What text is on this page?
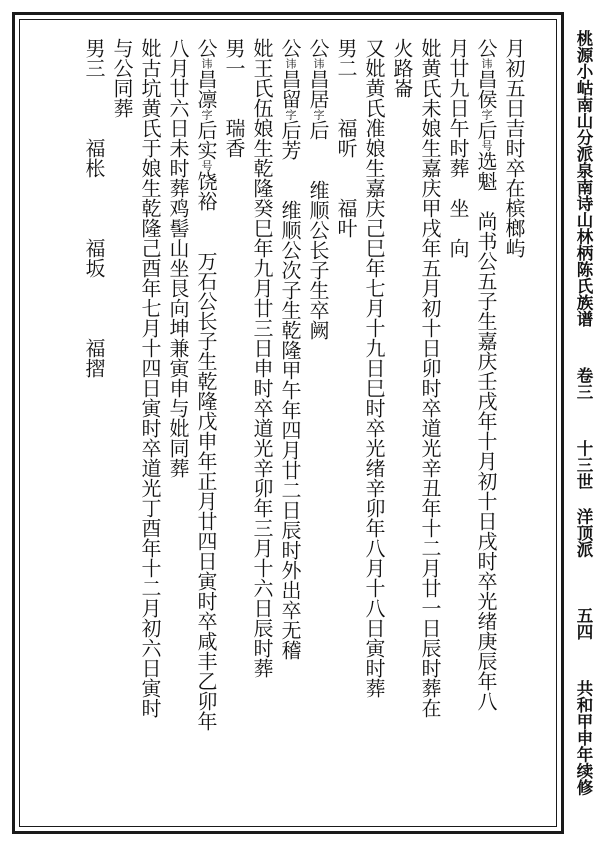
桃源小岵南山分派泉南诗山林柄陈氏族谱
卷三
十三世
洋顶派
五四
共和甲申年续修
月初五日吉时卒在槟榔屿
公讳昌侯字后号选魁　尚书公五子生嘉庆壬戌年十月初十日戌时卒光绪庚辰年八
月廿九日午时葬　坐　向
妣黄氏未娘生嘉庆甲戌年五月初十日卯时卒道光辛丑年十二月廿一日辰时葬在
火路崙
又妣黄氏准娘生嘉庆己巳年七月十九日巳时卒光绪辛卯年八月十八日寅时葬
男二　　福听　　福叶
公讳昌居字后　　维顺公长子生卒阙
公讳昌留字后芳　　维顺公次子生乾隆甲午年四月廿二日辰时外出卒无稽
妣王氏伍娘生乾隆癸巳年九月廿三日申时卒道光辛卯年三月十六日辰时葬
男一　　瑞香
公讳昌凛字后实号饶裕　　万石公长子生乾隆戊申年正月廿四日寅时卒咸丰乙卯年
八月廿六日未时葬鸡髻山坐艮向坤兼寅申与妣同葬
妣古坑黄氏于娘生乾隆己酉年七月十四日寅时卒道光丁酉年十二月初六日寅时
与公同葬
男三　　　福枨　　　福坂　　　福摺
